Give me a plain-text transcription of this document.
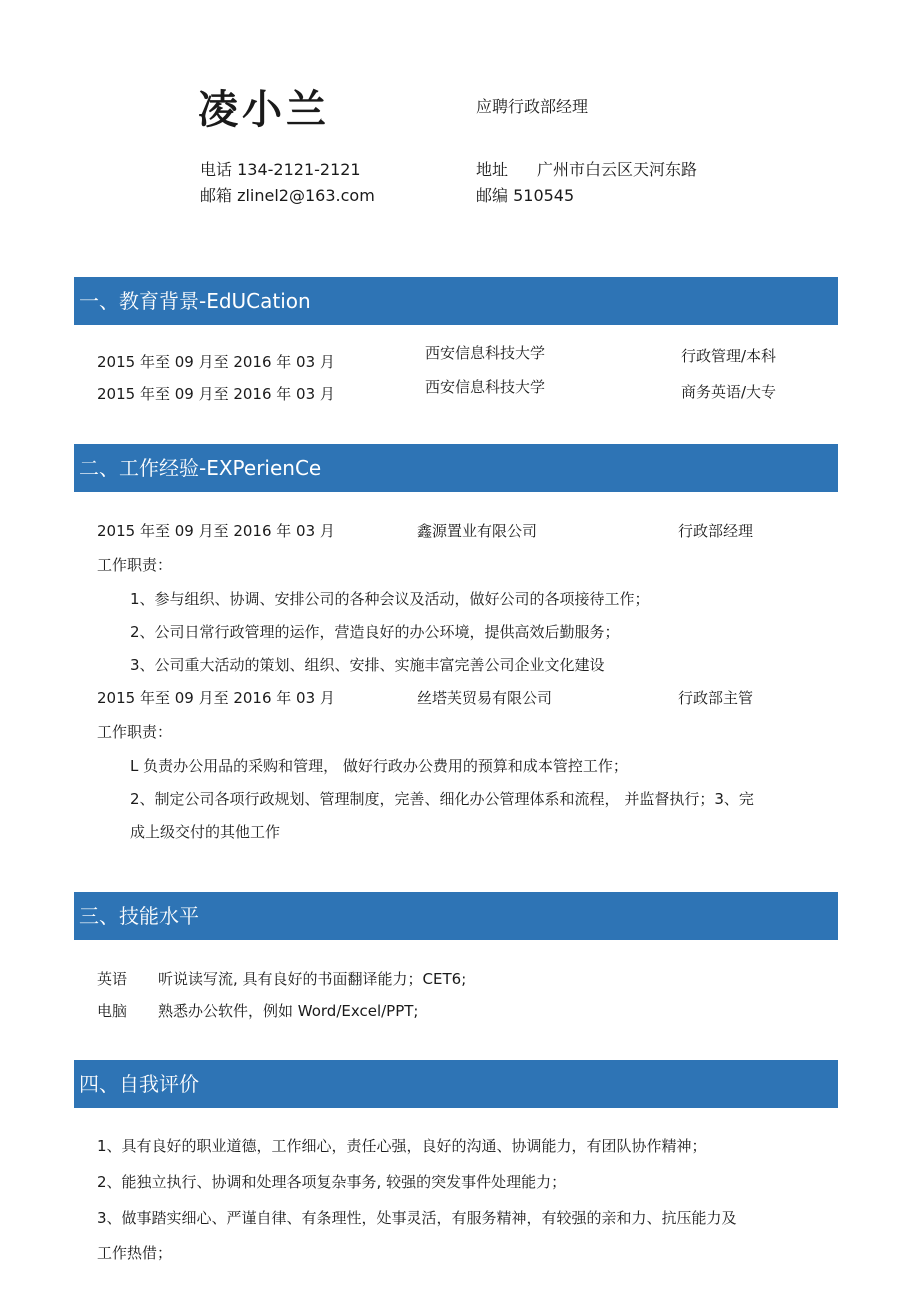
凌小兰	应聘行政部经理
电话 134-2121-2121	地址 广州市白云区天河东路
邮箱 zlinel2@163.com	邮编 510545
一、教育背景-EdUCation
2015 年至 09 月至 2016 年 03 月	西安信息科技大学	行政管理/本科
2015 年至 09 月至 2016 年 03 月	西安信息科技大学	商务英语/大专
二、工作经验-EXPerienCe
2015 年至 09 月至 2016 年 03 月	鑫源置业有限公司	行政部经理
工作职责：
1、参与组织、协调、安排公司的各种会议及活动，做好公司的各项接待工作；
2、公司日常行政管理的运作，营造良好的办公环境，提供高效后勤服务；
3、公司重大活动的策划、组织、安排、实施丰富完善公司企业文化建设
2015 年至 09 月至 2016 年 03 月	丝塔芙贸易有限公司	行政部主管
工作职责：
L 负责办公用品的采购和管理， 做好行政办公费用的预算和成本管控工作；
2、制定公司各项行政规划、管理制度，完善、细化办公管理体系和流程， 并监督执行；3、完
成上级交付的其他工作
三、技能水平
英语 听说读写流, 具有良好的书面翻译能力；CET6;
电脑 熟悉办公软件，例如 Word/Excel/PPT;
四、自我评价
1、具有良好的职业道德，工作细心，责任心强，良好的沟通、协调能力，有团队协作精神；
2、能独立执行、协调和处理各项复杂事务, 较强的突发事件处理能力；
3、做事踏实细心、严谨自律、有条理性，处事灵活，有服务精神，有较强的亲和力、抗压能力及
工作热借；
